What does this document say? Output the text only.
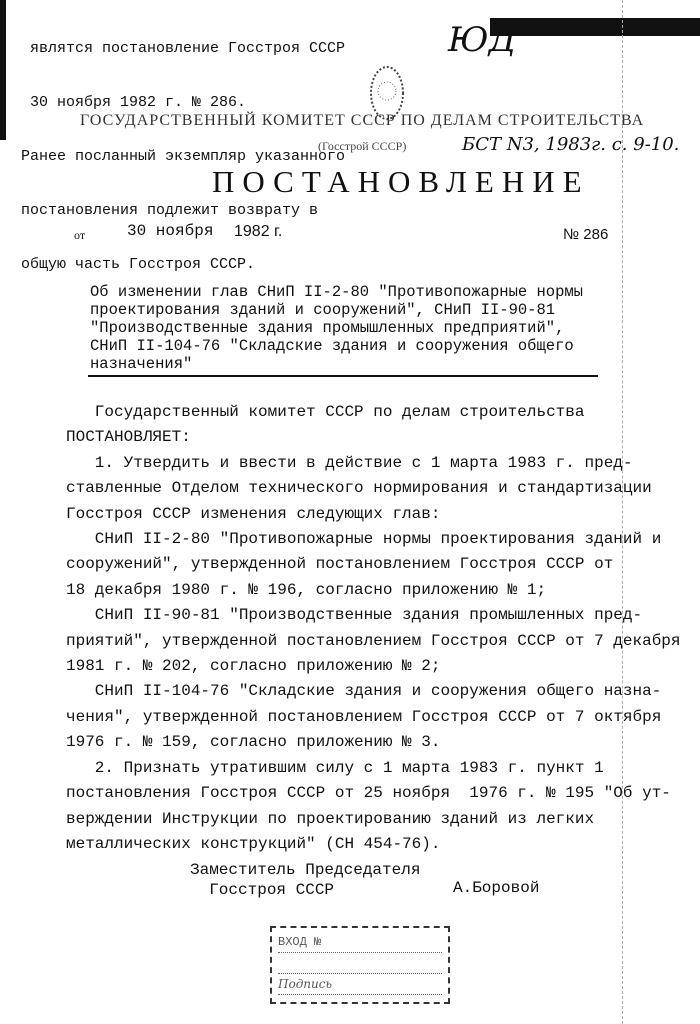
являтся постановление Госстроя СССР

30 ноября 1982 г. № 286.

Ранее посланный экземпляр указанного

постановления подлежит возврату в

общую часть Госстроя СССР.

ЮД
ГОСУДАРСТВЕННЫЙ КОМИТЕТ СССР ПО ДЕЛАМ СТРОИТЕЛЬСТВА
(Госстрой СССР)	БСТ N3, 1983г. с. 9-10.
ПОСТАНОВЛЕНИЕ
от	30 ноября 1982 г.	№ 286
Об изменении глав СНиП II-2-80 "Противопожарные нормы проектирования зданий и сооружений", СНиП II-90-81 "Производственные здания промышленных предприятий", СНиП II-104-76 "Складские здания и сооружения общего назначения"

Государственный комитет СССР по делам строительства

ПОСТАНОВЛЯЕТ:

1. Утвердить и ввести в действие с 1 марта 1983 г. пред-

ставленные Отделом технического нормирования и стандартизации

Госстроя СССР изменения следующих глав:

СНиП II-2-80 "Противопожарные нормы проектирования зданий и

сооружений", утвержденной постановлением Госстроя СССР от

18 декабря 1980 г. № 196, согласно приложению № 1;

СНиП II-90-81 "Производственные здания промышленных пред-

приятий", утвержденной постановлением Госстроя СССР от 7 декабря

1981 г. № 202, согласно приложению № 2;

СНиП II-104-76 "Складские здания и сооружения общего назна-

чения", утвержденной постановлением Госстроя СССР от 7 октября

1976 г. № 159, согласно приложению № 3.

2. Признать утратившим силу с 1 марта 1983 г. пункт 1

постановления Госстроя СССР от 25 ноября  1976 г. № 195 "Об ут-

верждении Инструкции по проектированию зданий из легких

металлических конструкций" (СН 454-76).

Заместитель Председателя
Госстроя СССР	А.Боровой
ВХОД №

Подпись
